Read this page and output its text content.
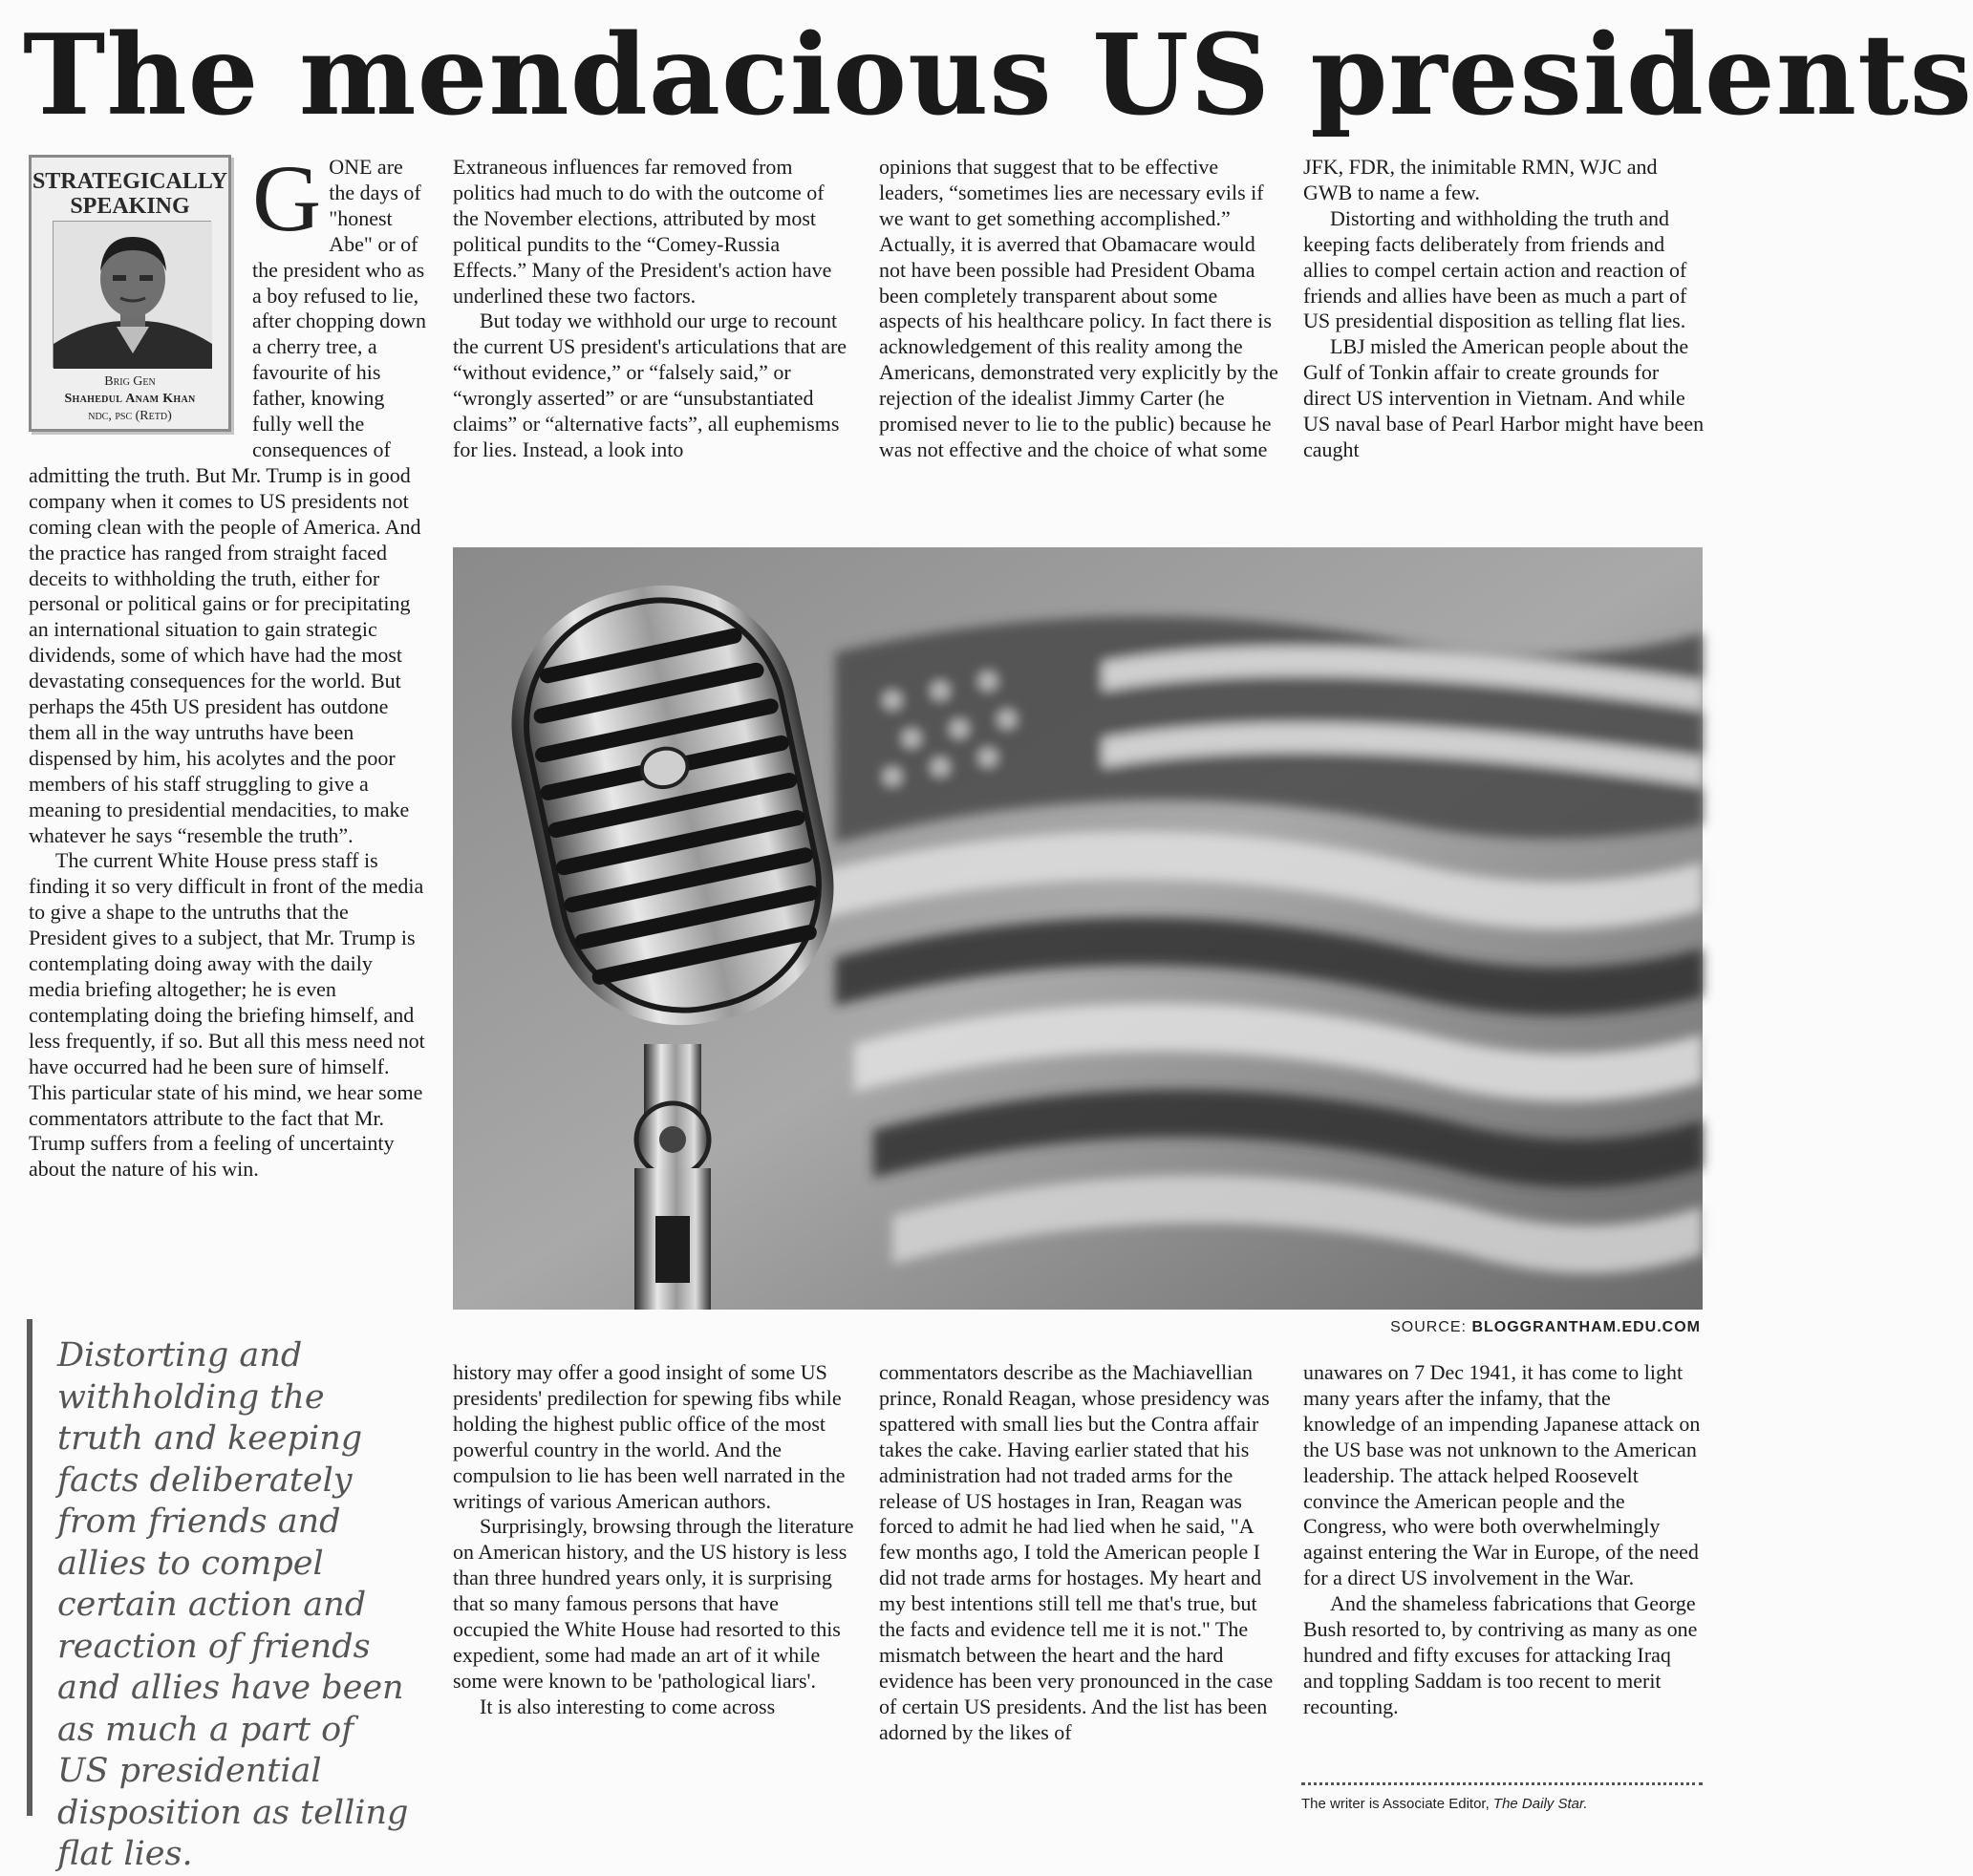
The mendacious US presidents

G ONE are the days of "honest Abe" or of the president who as a boy refused to lie, after chopping down a cherry tree, a favourite of his father, knowing fully well the consequences of admitting the truth. But Mr. Trump is in good company when it comes to US presidents not coming clean with the people of America. And the practice has ranged from straight faced deceits to withholding the truth, either for personal or political gains or for precipitating an international situation to gain strategic dividends, some of which have had the most devastating consequences for the world. But perhaps the 45th US president has outdone them all in the way untruths have been dispensed by him, his acolytes and the poor members of his staff struggling to give a meaning to presidential mendacities, to make whatever he says “resemble the truth”.

The current White House press staff is finding it so very difficult in front of the media to give a shape to the untruths that the President gives to a subject, that Mr. Trump is contemplating doing away with the daily media briefing altogether; he is even contemplating doing the briefing himself, and less frequently, if so. But all this mess need not have occurred had he been sure of himself. This particular state of his mind, we hear some commentators attribute to the fact that Mr. Trump suffers from a feeling of uncertainty about the nature of his win.

STRATEGICALLY SPEAKING
Brig Gen
Shahedul Anam Khan
ndc, psc (Retd)

Extraneous influences far removed from politics had much to do with the outcome of the November elections, attributed by most political pundits to the “Comey-Russia Effects.” Many of the President's action have underlined these two factors.

But today we withhold our urge to recount the current US president's articulations that are “without evidence,” or “falsely said,” or “wrongly asserted” or are “unsubstantiated claims” or “alternative facts”, all euphemisms for lies. Instead, a look into

opinions that suggest that to be effective leaders, “sometimes lies are necessary evils if we want to get something accomplished.” Actually, it is averred that Obamacare would not have been possible had President Obama been completely transparent about some aspects of his healthcare policy. In fact there is acknowledgement of this reality among the Americans, demonstrated very explicitly by the rejection of the idealist Jimmy Carter (he promised never to lie to the public) because he was not effective and the choice of what some

JFK, FDR, the inimitable RMN, WJC and GWB to name a few.

Distorting and withholding the truth and keeping facts deliberately from friends and allies to compel certain action and reaction of friends and allies have been as much a part of US presidential disposition as telling flat lies.

LBJ misled the American people about the Gulf of Tonkin affair to create grounds for direct US intervention in Vietnam. And while US naval base of Pearl Harbor might have been caught

SOURCE: BLOGGRANTHAM.EDU.COM
Distorting and withholding the truth and keeping facts deliberately from friends and allies to compel certain action and reaction of friends and allies have been as much a part of US presidential disposition as telling flat lies.

history may offer a good insight of some US presidents' predilection for spewing fibs while holding the highest public office of the most powerful country in the world. And the compulsion to lie has been well narrated in the writings of various American authors.

Surprisingly, browsing through the literature on American history, and the US history is less than three hundred years only, it is surprising that so many famous persons that have occupied the White House had resorted to this expedient, some had made an art of it while some were known to be 'pathological liars'.

It is also interesting to come across

commentators describe as the Machiavellian prince, Ronald Reagan, whose presidency was spattered with small lies but the Contra affair takes the cake. Having earlier stated that his administration had not traded arms for the release of US hostages in Iran, Reagan was forced to admit he had lied when he said, "A few months ago, I told the American people I did not trade arms for hostages. My heart and my best intentions still tell me that's true, but the facts and evidence tell me it is not." The mismatch between the heart and the hard evidence has been very pronounced in the case of certain US presidents. And the list has been adorned by the likes of

unawares on 7 Dec 1941, it has come to light many years after the infamy, that the knowledge of an impending Japanese attack on the US base was not unknown to the American leadership. The attack helped Roosevelt convince the American people and the Congress, who were both overwhelmingly against entering the War in Europe, of the need for a direct US involvement in the War.

And the shameless fabrications that George Bush resorted to, by contriving as many as one hundred and fifty excuses for attacking Iraq and toppling Saddam is too recent to merit recounting.

The writer is Associate Editor, The Daily Star.
